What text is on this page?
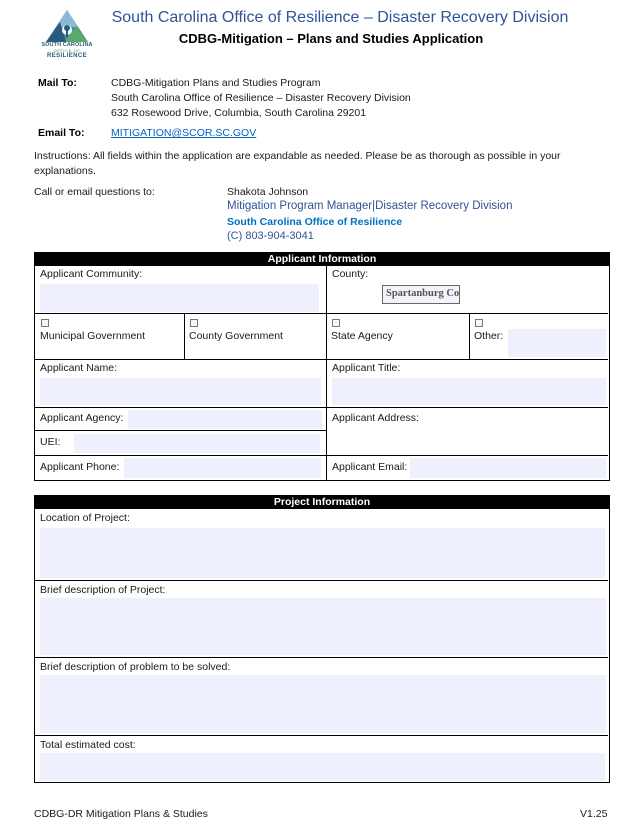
SOUTH CAROLINA
OFFICE OF
RESILIENCE
South Carolina Office of Resilience – Disaster Recovery Division
CDBG-Mitigation – Plans and Studies Application
Mail To:	CDBG-Mitigation Plans and Studies Program
South Carolina Office of Resilience – Disaster Recovery Division
632 Rosewood Drive, Columbia, South Carolina 29201
Email To:	MITIGATION@SCOR.SC.GOV
Instructions: All fields within the application are expandable as needed. Please be as thorough as possible in your
explanations.
Call or email questions to:	Shakota Johnson
Mitigation Program Manager|Disaster Recovery Division
South Carolina Office of Resilience
(C) 803-904-3041
Applicant Information
Applicant Community:	County:
Spartanburg Co
Municipal Government	County Government	State Agency	Other:
Applicant Name:	Applicant Title:
Applicant Agency:
UEI:
Applicant Address:
Applicant Phone:	Applicant Email:
Project Information
Location of Project:
Brief description of Project:
Brief description of problem to be solved:
Total estimated cost:
CDBG-DR Mitigation Plans & Studies	V1.25
